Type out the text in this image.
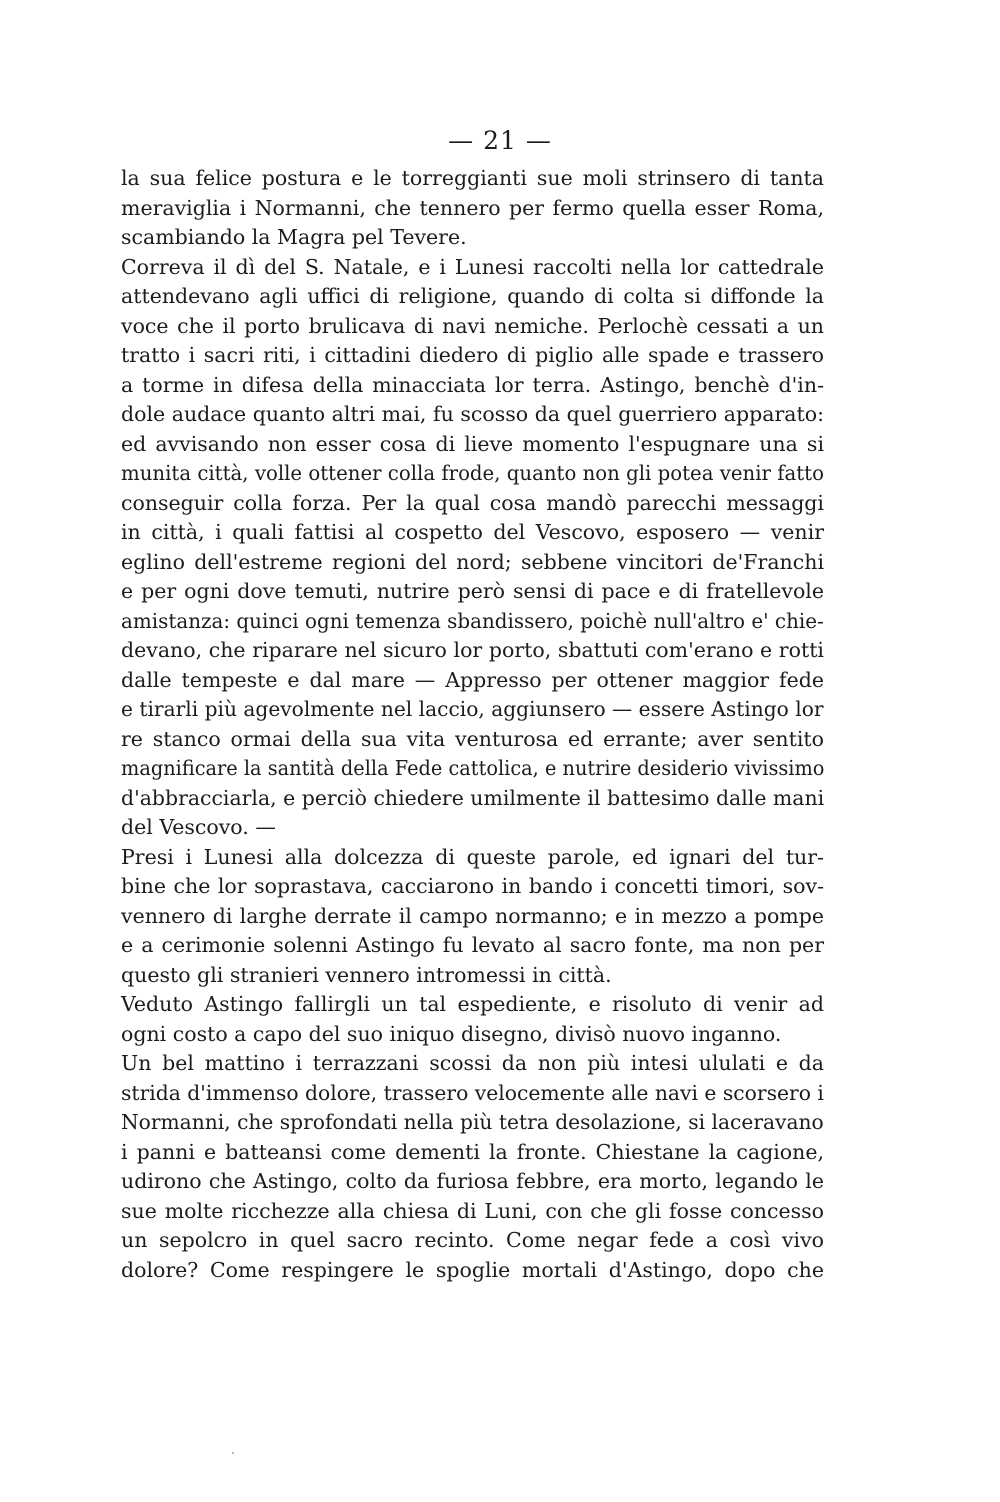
— 21 —
la sua felice postura e le torreggianti sue moli strinsero di tanta
meraviglia i Normanni, che tennero per fermo quella esser Roma,
scambiando la Magra pel Tevere.
Correva il dì del S. Natale, e i Lunesi raccolti nella lor cattedrale
attendevano agli uffici di religione, quando di colta si diffonde la
voce che il porto brulicava di navi nemiche. Perlochè cessati a un
tratto i sacri riti, i cittadini diedero di piglio alle spade e trassero
a torme in difesa della minacciata lor terra. Astingo, benchè d'in-
dole audace quanto altri mai, fu scosso da quel guerriero apparato:
ed avvisando non esser cosa di lieve momento l'espugnare una si
munita città, volle ottener colla frode, quanto non gli potea venir fatto
conseguir colla forza. Per la qual cosa mandò parecchi messaggi
in città, i quali fattisi al cospetto del Vescovo, esposero — venir
eglino dell'estreme regioni del nord; sebbene vincitori de'Franchi
e per ogni dove temuti, nutrire però sensi di pace e di fratellevole
amistanza: quinci ogni temenza sbandissero, poichè null'altro e' chie-
devano, che riparare nel sicuro lor porto, sbattuti com'erano e rotti
dalle tempeste e dal mare — Appresso per ottener maggior fede
e tirarli più agevolmente nel laccio, aggiunsero — essere Astingo lor
re stanco ormai della sua vita venturosa ed errante; aver sentito
magnificare la santità della Fede cattolica, e nutrire desiderio vivissimo
d'abbracciarla, e perciò chiedere umilmente il battesimo dalle mani
del Vescovo. —
Presi i Lunesi alla dolcezza di queste parole, ed ignari del tur-
bine che lor soprastava, cacciarono in bando i concetti timori, sov-
vennero di larghe derrate il campo normanno; e in mezzo a pompe
e a cerimonie solenni Astingo fu levato al sacro fonte, ma non per
questo gli stranieri vennero intromessi in città.
Veduto Astingo fallirgli un tal espediente, e risoluto di venir ad
ogni costo a capo del suo iniquo disegno, divisò nuovo inganno.
Un bel mattino i terrazzani scossi da non più intesi ululati e da
strida d'immenso dolore, trassero velocemente alle navi e scorsero i
Normanni, che sprofondati nella più tetra desolazione, si laceravano
i panni e batteansi come dementi la fronte. Chiestane la cagione,
udirono che Astingo, colto da furiosa febbre, era morto, legando le
sue molte ricchezze alla chiesa di Luni, con che gli fosse concesso
un sepolcro in quel sacro recinto. Come negar fede a così vivo
dolore? Come respingere le spoglie mortali d'Astingo, dopo che
